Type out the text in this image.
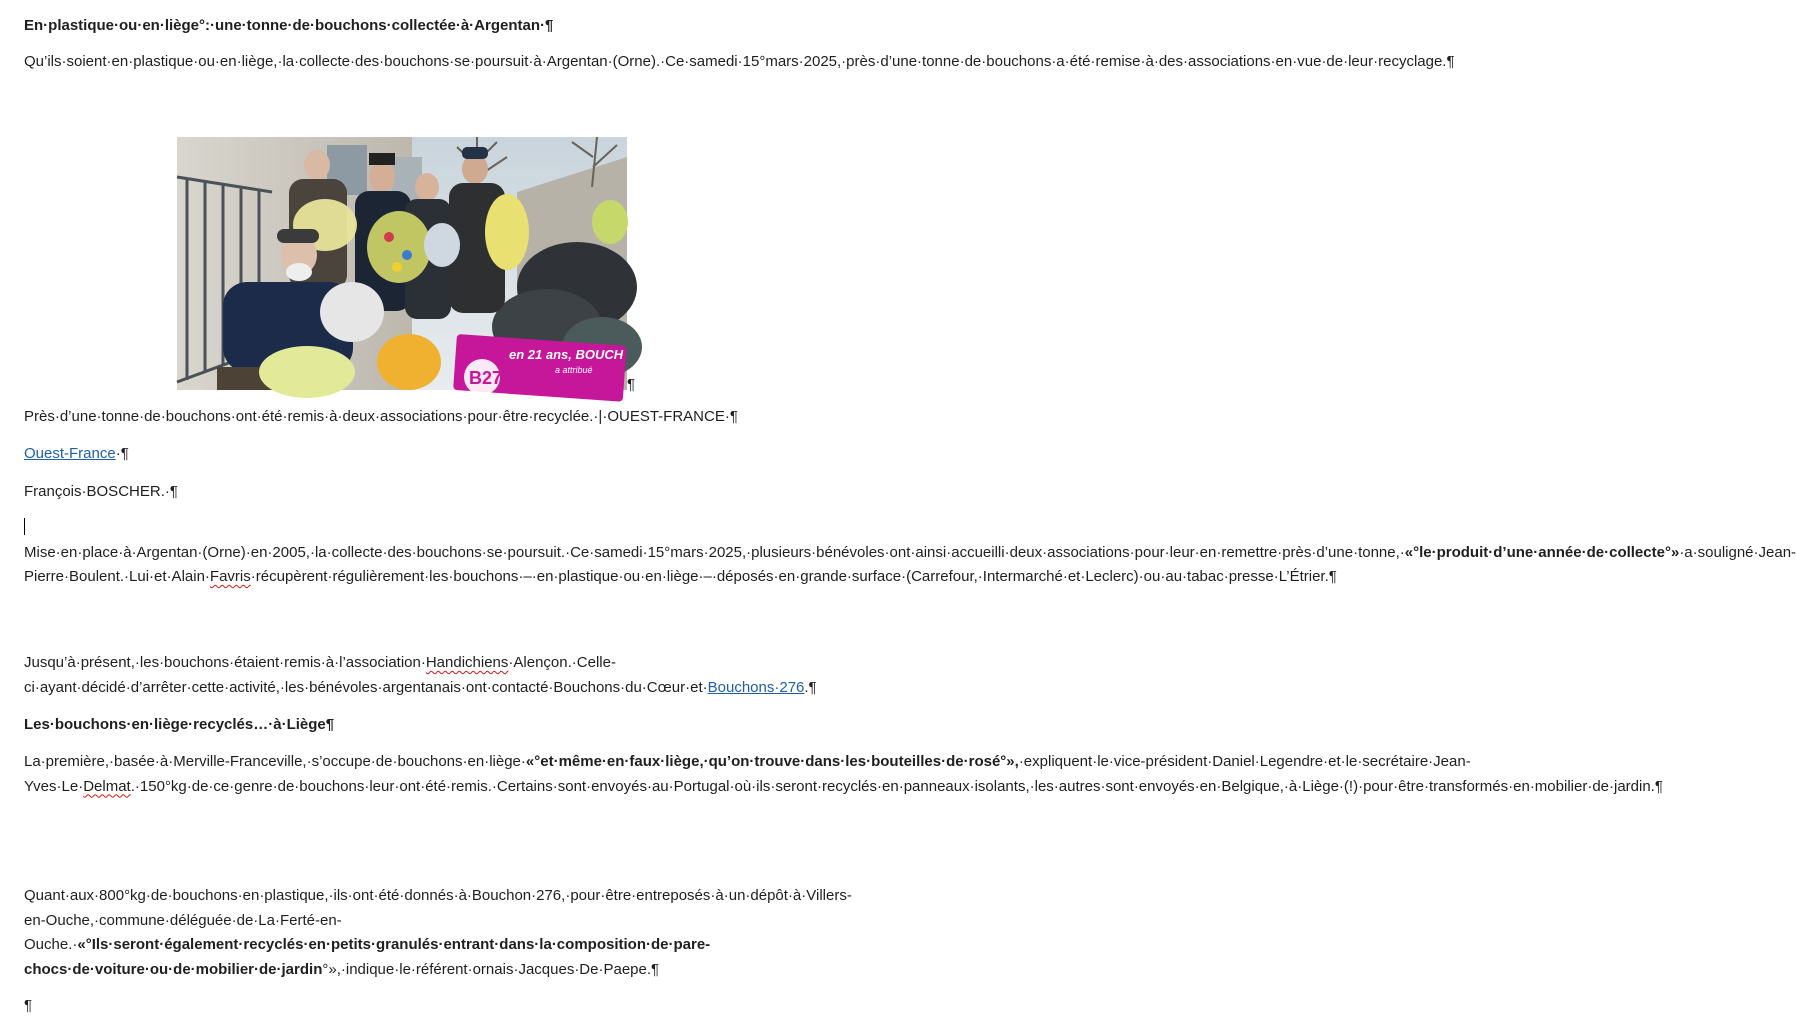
En·plastique·ou·en·liège°:·une·tonne·de·bouchons·collectée·à·Argentan·¶

Qu’ils·soient·en·plastique·ou·en·liège,·la·collecte·des·bouchons·se·poursuit·à·Argentan·(Orne).·Ce·samedi·15°mars·2025,·près·d’une·tonne·de·bouchons·a·été·remise·à·des·associations·en·vue·de·leur·recyclage.¶

en 21 ans, BOUCH
a attribué
B27	¶

Près·d’une·tonne·de·bouchons·ont·été·remis·à·deux·associations·pour·être·recyclée.·|·OUEST-FRANCE·¶

Ouest-France·¶

François·BOSCHER.·¶

Mise·en·place·à·Argentan·(Orne)·en·2005,·la·collecte·des·bouchons·se·poursuit.·Ce·samedi·15°mars·2025,·plusieurs·bénévoles·ont·ainsi·accueilli·deux·associations·pour·leur·en·remettre·près·d’une·tonne,·«°le·produit·d’une·année·de·collecte°»·a·souligné·Jean-Pierre·Boulent.·Lui·et·Alain·Favris·récupèrent·régulièrement·les·bouchons·–·en·plastique·ou·en·liège·–·déposés·en·grande·surface·(Carrefour,·Intermarché·et·Leclerc)·ou·au·tabac·presse·L’Étrier.¶

Jusqu’à·présent,·les·bouchons·étaient·remis·à·l’association·Handichiens·Alençon.·Celle-ci·ayant·décidé·d’arrêter·cette·activité,·les·bénévoles·argentanais·ont·contacté·Bouchons·du·Cœur·et·Bouchons·276.¶

Les·bouchons·en·liège·recyclés…·à·Liège¶

La·première,·basée·à·Merville-Franceville,·s’occupe·de·bouchons·en·liège·«°et·même·en·faux·liège,·qu’on·trouve·dans·les·bouteilles·de·rosé°»,·expliquent·le·vice-président·Daniel·Legendre·et·le·secrétaire·Jean-Yves·Le·Delmat.·150°kg·de·ce·genre·de·bouchons·leur·ont·été·remis.·Certains·sont·envoyés·au·Portugal·où·ils·seront·recyclés·en·panneaux·isolants,·les·autres·sont·envoyés·en·Belgique,·à·Liège·(!)·pour·être·transformés·en·mobilier·de·jardin.¶

Quant·aux·800°kg·de·bouchons·en·plastique,·ils·ont·été·donnés·à·Bouchon·276,·pour·être·entreposés·à·un·dépôt·à·Villers-en-Ouche,·commune·déléguée·de·La·Ferté-en-Ouche.·«°Ils·seront·également·recyclés·en·petits·granulés·entrant·dans·la·composition·de·pare-chocs·de·voiture·ou·de·mobilier·de·jardin°»,·indique·le·référent·ornais·Jacques·De·Paepe.¶

¶
